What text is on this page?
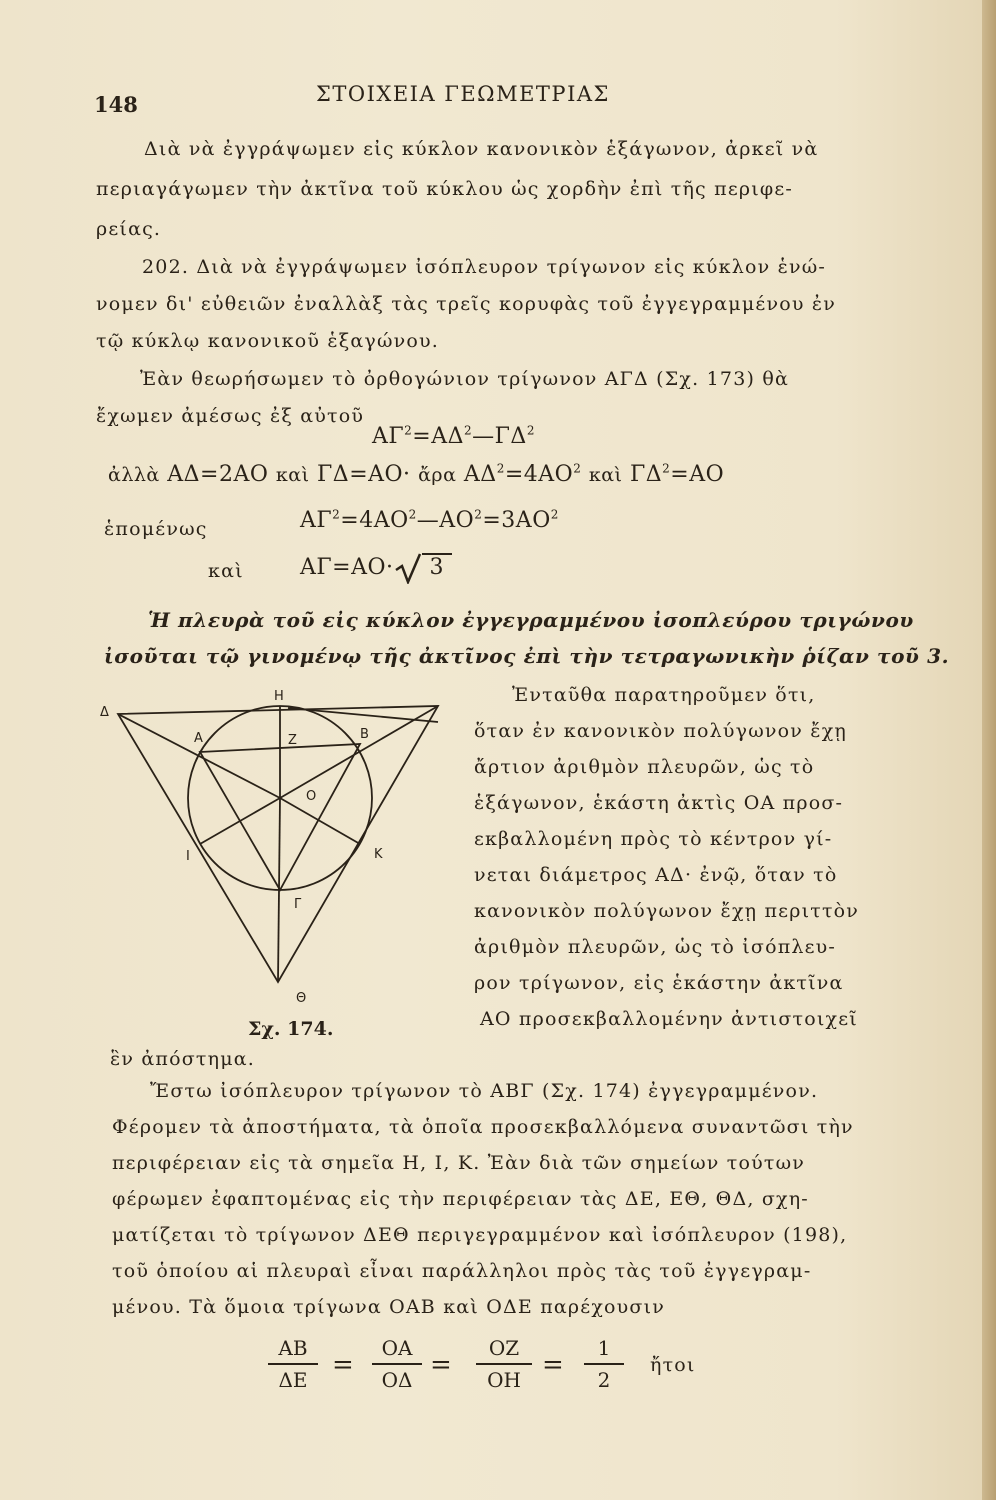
148	ΣΤΟΙΧΕΙΑ ΓΕΩΜΕΤΡΙΑΣ
Διὰ νὰ ἐγγράψωμεν εἰς κύκλον κανονικὸν ἑξάγωνον, ἀρκεῖ νὰ
περιαγάγωμεν τὴν ἀκτῖνα τοῦ κύκλου ὡς χορδὴν ἐπὶ τῆς περιφε-
ρείας.
202. Διὰ νὰ ἐγγράψωμεν ἰσόπλευρον τρίγωνον εἰς κύκλον ἑνώ-
νομεν δι' εὐθειῶν ἐναλλὰξ τὰς τρεῖς κορυφὰς τοῦ ἐγγεγραμμένου ἐν
τῷ κύκλῳ κανονικοῦ ἑξαγώνου.
Ἐὰν θεωρήσωμεν τὸ ὀρθογώνιον τρίγωνον ΑΓΔ (Σχ. 173) θὰ
ἔχωμεν ἀμέσως ἐξ αὐτοῦ
$A\Gamma^2=A\Delta^2—\Gamma\Delta^2$
ἀλλὰ ΑΔ=2ΑΟ καὶ ΓΔ=ΑΟ· ἄρα $A\Delta^2=4AO^2$ καὶ $\Gamma\Delta^2=AO$
ἑπομένως	$A\Gamma^2=4AO^2—AO^2=3AO^2$
καὶ	ΑΓ=ΑΟ· 3
Ἡ πλευρὰ τοῦ εἰς κύκλον ἐγγεγραμμένου ἰσοπλεύρου τριγώνου
ἰσοῦται τῷ γινομένῳ τῆς ἀκτῖνος ἐπὶ τὴν τετραγωνικὴν ῥίζαν τοῦ 3.
Δ
Η
Α	Ζ	Β
Ο
Ι	Κ
Γ
Θ
Σχ. 174.
Ἐνταῦθα παρατηροῦμεν ὅτι,
ὅταν ἐν κανονικὸν πολύγωνον ἔχῃ
ἄρτιον ἀριθμὸν πλευρῶν, ὡς τὸ
ἑξάγωνον, ἑκάστη ἀκτὶς ΟΑ προσ-
εκβαλλομένη πρὸς τὸ κέντρον γί-
νεται διάμετρος ΑΔ· ἐνῷ, ὅταν τὸ
κανονικὸν πολύγωνον ἔχῃ περιττὸν
ἀριθμὸν πλευρῶν, ὡς τὸ ἰσόπλευ-
ρον τρίγωνον, εἰς ἑκάστην ἀκτῖνα
ΑΟ προσεκβαλλομένην ἀντιστοιχεῖ
ἓν ἀπόστημα.
Ἔστω ἰσόπλευρον τρίγωνον τὸ ΑΒΓ (Σχ. 174) ἐγγεγραμμένον.
Φέρομεν τὰ ἀποστήματα, τὰ ὁποῖα προσεκβαλλόμενα συναντῶσι τὴν
περιφέρειαν εἰς τὰ σημεῖα Η, Ι, Κ. Ἐὰν διὰ τῶν σημείων τούτων
φέρωμεν ἐφαπτομένας εἰς τὴν περιφέρειαν τὰς ΔΕ, ΕΘ, ΘΔ, σχη-
ματίζεται τὸ τρίγωνον ΔΕΘ περιγεγραμμένον καὶ ἰσόπλευρον (198),
τοῦ ὁποίου αἱ πλευραὶ εἶναι παράλληλοι πρὸς τὰς τοῦ ἐγγεγραμ-
μένου. Τὰ ὅμοια τρίγωνα ΟΑΒ καὶ ΟΔΕ παρέχουσιν
ΑΒ
ΔΕ =
ΟΑ
ΟΔ =
ΟΖ
ΟΗ =
1
2
ἤτοι
